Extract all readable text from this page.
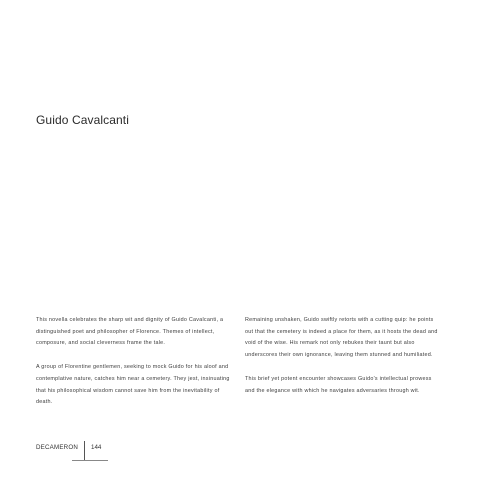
Guido Cavalcanti

This novella celebrates the sharp wit and dignity of Guido Cavalcanti, a distinguished poet and philosopher of Florence. Themes of intellect, composure, and social cleverness frame the tale.

A group of Florentine gentlemen, seeking to mock Guido for his aloof and contemplative nature, catches him near a cemetery. They jest, insinuating that his philosophical wisdom cannot save him from the inevitability of death.

Remaining unshaken, Guido swiftly retorts with a cutting quip: he points out that the cemetery is indeed a place for them, as it hosts the dead and void of the wise. His remark not only rebukes their taunt but also underscores their own ignorance, leaving them stunned and humiliated.

This brief yet potent encounter showcases Guido's intellectual prowess and the elegance with which he navigates adversaries through wit.

DECAMERON 144
